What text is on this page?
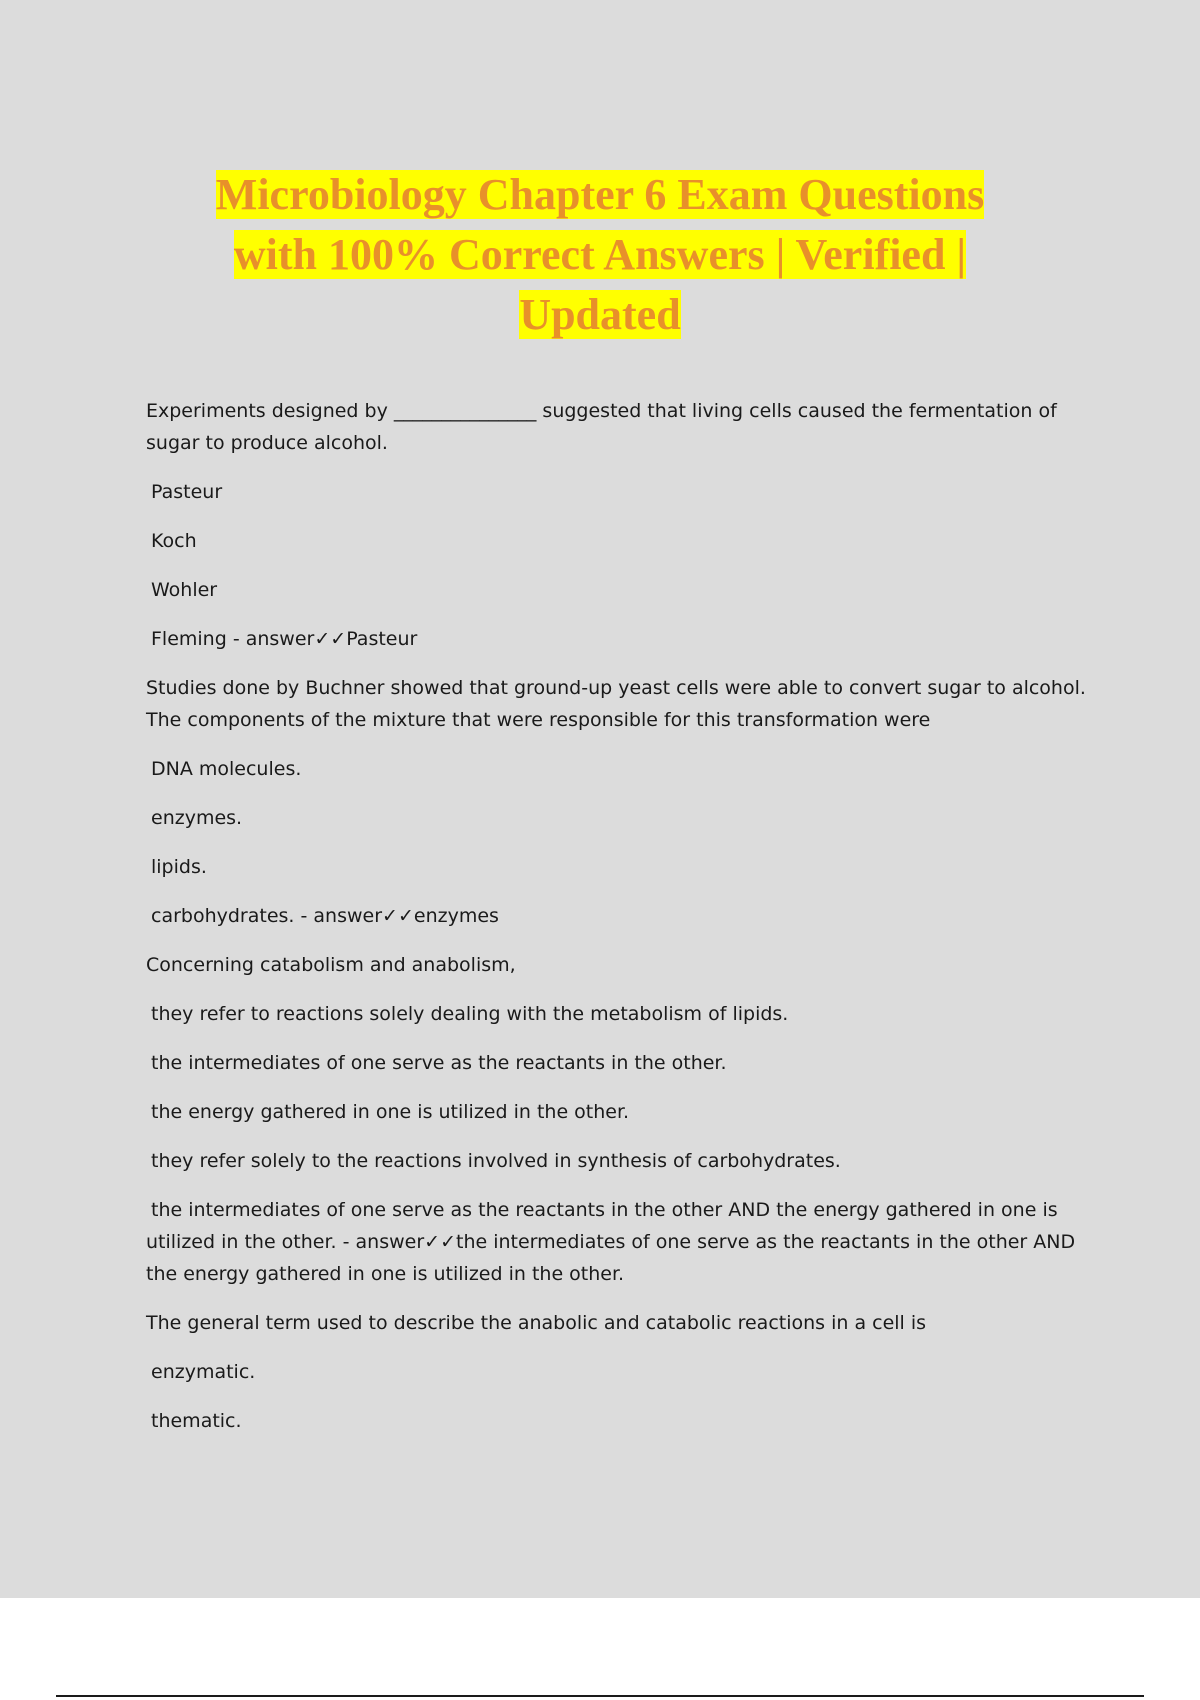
Microbiology Chapter 6 Exam Questions
with 100% Correct Answers | Verified |
Updated
Experiments designed by _______________ suggested that living cells caused the fermentation of sugar to produce alcohol.
Pasteur
Koch
Wohler
Fleming - answer✓✓Pasteur
Studies done by Buchner showed that ground-up yeast cells were able to convert sugar to alcohol. The components of the mixture that were responsible for this transformation were
DNA molecules.
enzymes.
lipids.
carbohydrates. - answer✓✓enzymes
Concerning catabolism and anabolism,
they refer to reactions solely dealing with the metabolism of lipids.
the intermediates of one serve as the reactants in the other.
the energy gathered in one is utilized in the other.
they refer solely to the reactions involved in synthesis of carbohydrates.
the intermediates of one serve as the reactants in the other AND the energy gathered in one is utilized in the other. - answer✓✓the intermediates of one serve as the reactants in the other AND the energy gathered in one is utilized in the other.
The general term used to describe the anabolic and catabolic reactions in a cell is
enzymatic.
thematic.
